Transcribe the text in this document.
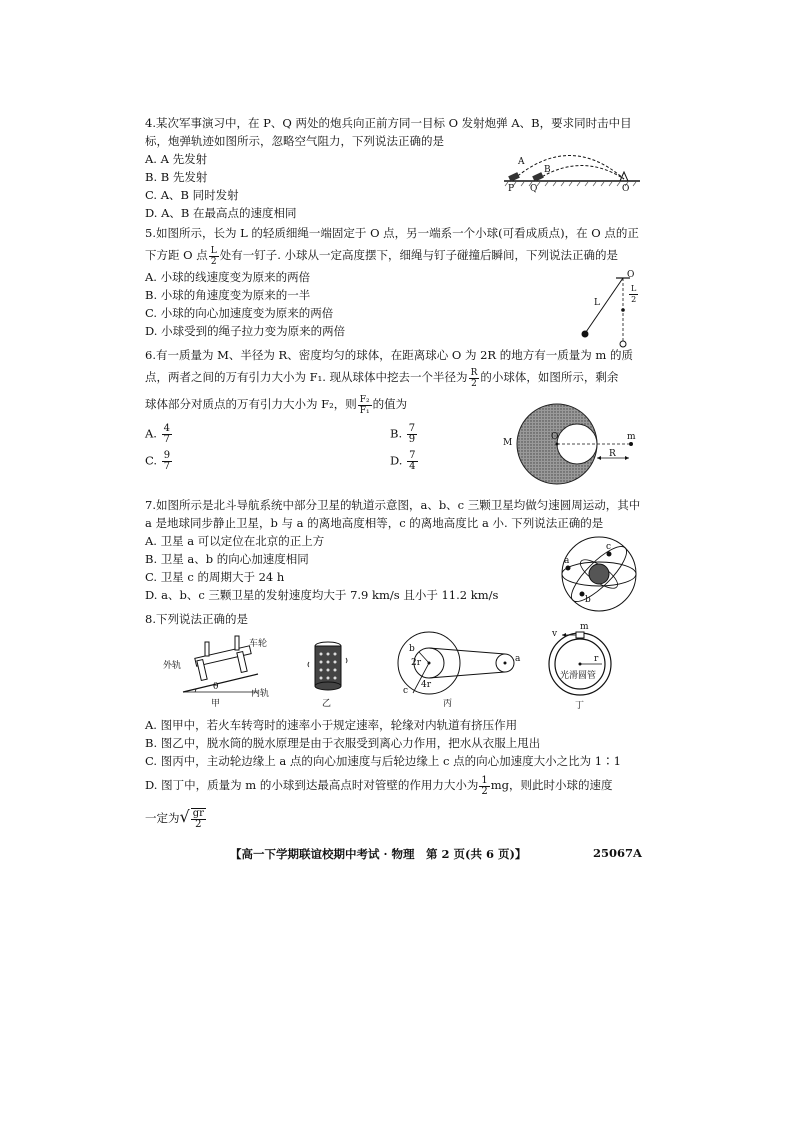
4.某次军事演习中，在 P、Q 两处的炮兵向正前方同一目标 O 发射炮弹 A、B，要求同时击中目
标，炮弹轨迹如图所示，忽略空气阻力，下列说法正确的是
A. A 先发射
B. B 先发射
C. A、B 同时发射
D. A、B 在最高点的速度相同
A
B
P Q	O
5.如图所示，长为 L 的轻质细绳一端固定于 O 点，另一端系一个小球(可看成质点)，在 O 点的正
下方距 O 点 $\frac{L}{2}$ 处有一钉子. 小球从一定高度摆下，细绳与钉子碰撞后瞬间，下列说法正确的是
A. 小球的线速度变为原来的两倍
B. 小球的角速度变为原来的一半
C. 小球的向心加速度变为原来的两倍
D. 小球受到的绳子拉力变为原来的两倍
O
L	$\frac{L}{2}$
6.有一质量为 M、半径为 R、密度均匀的球体，在距离球心 O 为 2R 的地方有一质量为 m 的质
点，两者之间的万有引力大小为 F₁. 现从球体中挖去一个半径为 $\frac{R}{2}$ 的小球体，如图所示，剩余
球体部分对质点的万有引力大小为 F₂，则 $\frac{\text{F₂}}{\text{F₁}}$ 的值为
A. $\frac{4}{7}$	B. $\frac{7}{9}$
C. $\frac{9}{7}$	D. $\frac{7}{4}$
M
O	m
R
7.如图所示是北斗导航系统中部分卫星的轨道示意图，a、b、c 三颗卫星均做匀速圆周运动，其中
a 是地球同步静止卫星，b 与 a 的离地高度相等，c 的离地高度比 a 小. 下列说法正确的是
A. 卫星 a 可以定位在北京的正上方
B. 卫星 a、b 的向心加速度相同
C. 卫星 c 的周期大于 24 h
D. a、b、c 三颗卫星的发射速度均大于 7.9 km/s 且小于 11.2 km/s
a
b
c
8.下列说法正确的是
外轨
车轮
内轨
θ
甲	乙
b
2r	a
c
4r
丙
v
m
r
光滑圆管
丁
A. 图甲中，若火车转弯时的速率小于规定速率，轮缘对内轨道有挤压作用
B. 图乙中，脱水筒的脱水原理是由于衣服受到离心力作用，把水从衣服上甩出
C. 图丙中，主动轮边缘上 a 点的向心加速度与后轮边缘上 c 点的向心加速度大小之比为 1∶1
D. 图丁中，质量为 m 的小球到达最高点时对管壁的作用力大小为 $\frac{1}{2}$ mg，则此时小球的速度
一定为√ $\frac{gr}{2}$
【高一下学期联谊校期中考试 · 物理　第 2 页(共 6 页)】	25067A
